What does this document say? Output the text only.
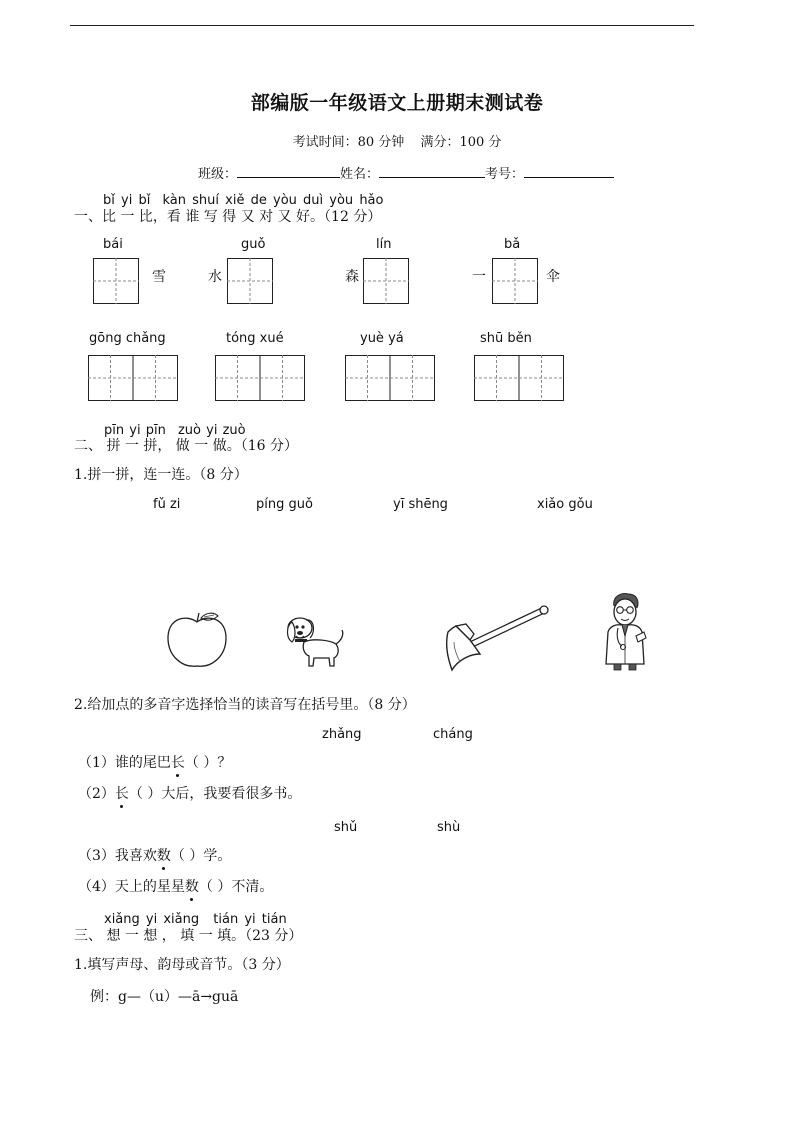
部编版一年级语文上册期末测试卷
考试时间：80 分钟 满分：100 分
班级：	姓名：	考号：
bǐ yi bǐ kàn shuí xiě de yòu duì yòu hǎo
一、比 一 比，看 谁 写 得 又 对 又 好。（12 分）
bái
雪
guǒ
水
lín
森
bǎ
一	伞
gōng chǎng	tóng xué	yuè yá	shū běn
pīn yi pīn zuò yi zuò
二、 拼 一 拼， 做 一 做。（16 分）
1.拼一拼，连一连。（8 分）
fǔ zi	píng guǒ	yī shēng	xiǎo gǒu
2.给加点的多音字选择恰当的读音写在括号里。（8 分）
zhǎng	cháng
（1）谁的尾巴长（ ）？
（2）长（ ）大后，我要看很多书。
shǔ	shù
（3）我喜欢数（ ）学。
（4）天上的星星数（ ）不清。
xiǎng yi xiǎng tián yi tián
三、 想 一 想 ， 填 一 填。（23 分）
1.填写声母、韵母或音节。（3 分）
例：g—（u）—ā→guā
